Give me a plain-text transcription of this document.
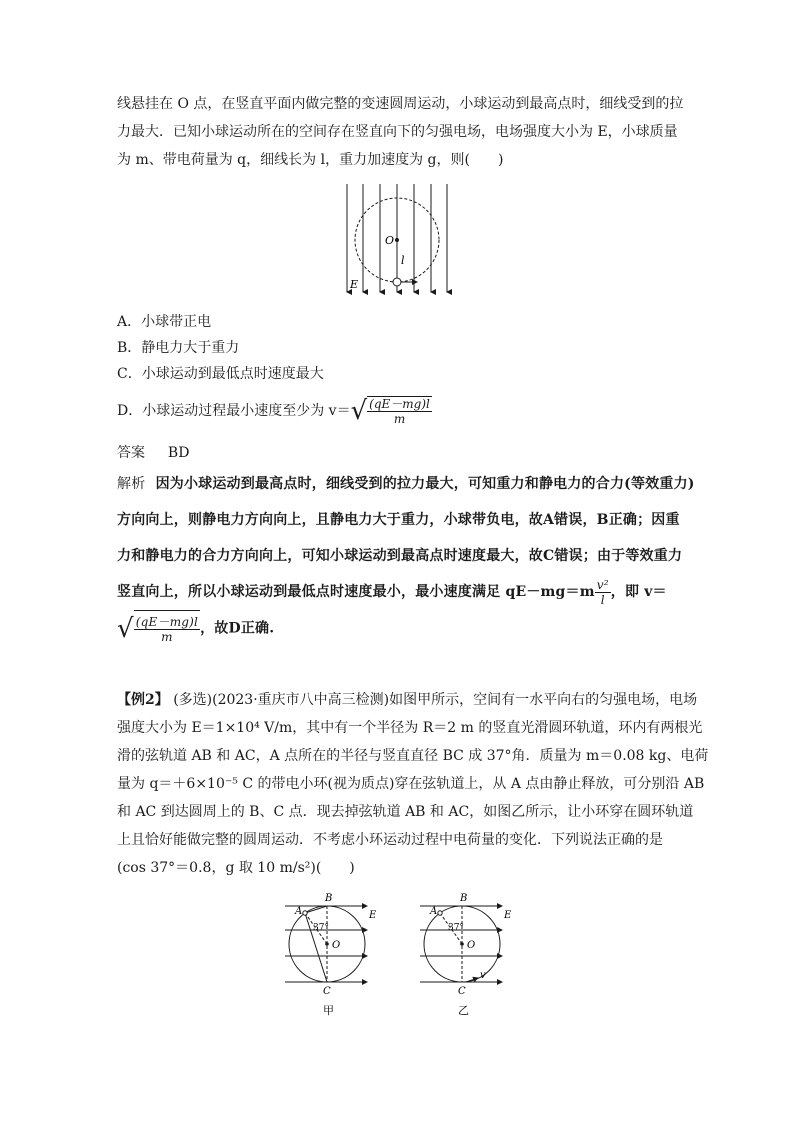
线悬挂在 O 点，在竖直平面内做完整的变速圆周运动，小球运动到最高点时，细线受到的拉

力最大．已知小球运动所在的空间存在竖直向下的匀强电场，电场强度大小为 E，小球质量

为 m、带电荷量为 q，细线长为 l，重力加速度为 g，则(　　)

O
l
E
A．小球带正电
B．静电力大于重力
C．小球运动到最低点时速度最大
D．小球运动过程最小速度至少为 v＝ √ $\frac{(qE-mg)l}{m}$
答案 BD

解析 因为小球运动到最高点时，细线受到的拉力最大，可知重力和静电力的合力(等效重力)

方向向上，则静电力方向向上，且静电力大于重力，小球带负电，故A错误，B正确；因重

力和静电力的合力方向向上，可知小球运动到最高点时速度最大，故C错误；由于等效重力

竖直向上，所以小球运动到最低点时速度最小，最小速度满足 $qE-mg=m \frac{\text{v²}}{l}$ ，即 v＝

√ $\frac{(qE-mg)l}{m}$ ，故D正确.

【例2】 (多选)(2023·重庆市八中高三检测)如图甲所示，空间有一水平向右的匀强电场，电场

强度大小为 E＝1×10⁴ V/m，其中有一个半径为 R＝2 m 的竖直光滑圆环轨道，环内有两根光

滑的弦轨道 AB 和 AC，A 点所在的半径与竖直直径 BC 成 37°角．质量为 m＝0.08 kg、电荷

量为 q＝＋6×10⁻⁵ C 的带电小环(视为质点)穿在弦轨道上，从 A 点由静止释放，可分别沿 AB

和 AC 到达圆周上的 B、C 点．现去掉弦轨道 AB 和 AC，如图乙所示，让小环穿在圆环轨道

上且恰好能做完整的圆周运动．不考虑小环运动过程中电荷量的变化．下列说法正确的是

(cos 37°＝0.8，g 取 10 m/s²)(　　)

A
B
C
O
E
37°
甲
A
B
C
O
E
37°
v
乙
